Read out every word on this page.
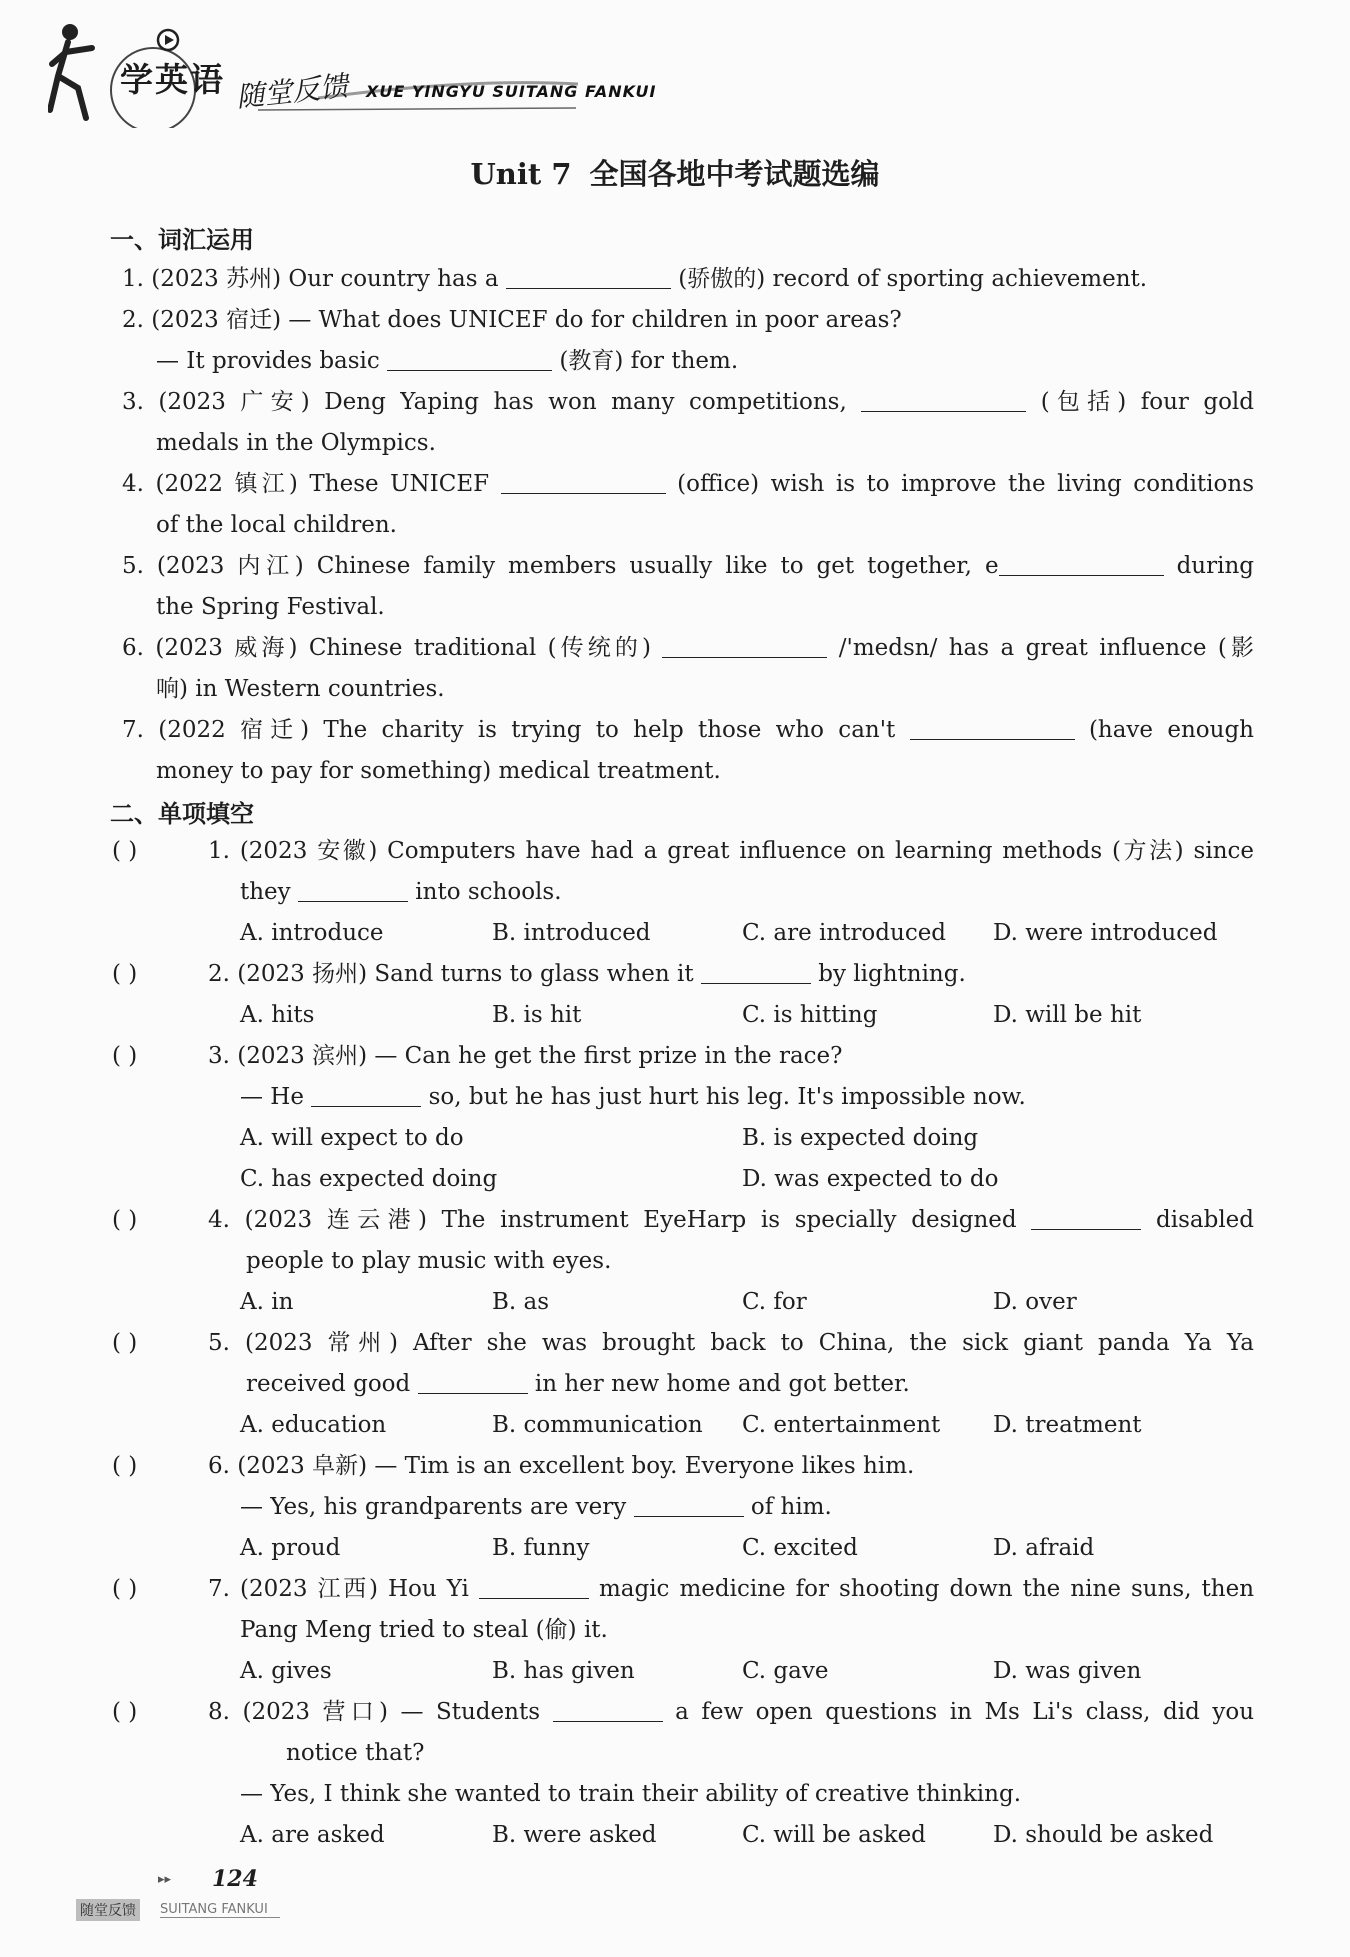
学英语 随堂反馈 XUE YINGYU SUITANG FANKUI
Unit 7 全国各地中考试题选编
一、词汇运用
1. (2023 苏州) Our country has a	(骄傲的) record of sporting achievement.
2. (2023 宿迁) — What does UNICEF do for children in poor areas?
— It provides basic	(教育) for them.
3. (2023 广安) Deng Yaping has won many competitions,	(包括) four gold
medals in the Olympics.
4. (2022 镇江) These UNICEF	(office) wish is to improve the living conditions
of the local children.
5. (2023 内江) Chinese family members usually like to get together, e	during
the Spring Festival.
6. (2023 威海) Chinese traditional (传统的)	/'medsn/ has a great influence (影
响) in Western countries.
7. (2022 宿迁) The charity is trying to help those who can't	(have enough
money to pay for something) medical treatment.
二、单项填空
( )	1. (2023 安徽) Computers have had a great influence on learning methods (方法) since
they	into schools.
A. introduce	B. introduced	C. are introduced D. were introduced
( )	2. (2023 扬州) Sand turns to glass when it	by lightning.
A. hits	B. is hit	C. is hitting	D. will be hit
( )	3. (2023 滨州) — Can he get the first prize in the race?
— He	so, but he has just hurt his leg. It's impossible now.
A. will expect to do	B. is expected doing
C. has expected doing	D. was expected to do
( )	4. (2023 连云港) The instrument EyeHarp is specially designed	disabled
people to play music with eyes.
A. in	B. as	C. for	D. over
( )	5. (2023 常州) After she was brought back to China, the sick giant panda Ya Ya
received good	in her new home and got better.
A. education	B. communication C. entertainment D. treatment
( )	6. (2023 阜新) — Tim is an excellent boy. Everyone likes him.
— Yes, his grandparents are very	of him.
A. proud	B. funny	C. excited	D. afraid
( )	7. (2023 江西) Hou Yi	magic medicine for shooting down the nine suns, then
Pang Meng tried to steal (偷) it.
A. gives	B. has given	C. gave	D. was given
( )	8. (2023 营口) — Students	a few open questions in Ms Li's class, did you
notice that?
— Yes, I think she wanted to train their ability of creative thinking.
A. are asked	B. were asked	C. will be asked	D. should be asked
▸▸ 124
随堂反馈	SUITANG FANKUI
